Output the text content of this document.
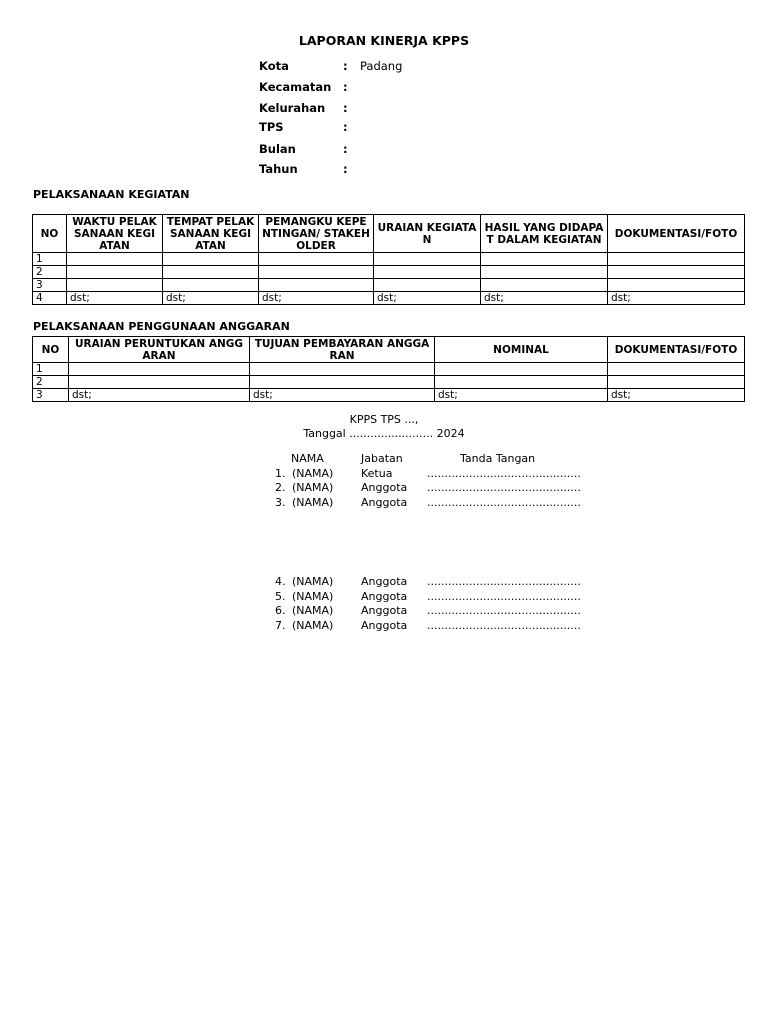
LAPORAN KINERJA KPPS
Kota	: Padang
Kecamatan :
Kelurahan :
TPS	:
Bulan	:
Tahun	:
PELAKSANAAN KEGIATAN
NO	WAKTU PELAKSANAAN KEGIATAN	TEMPAT PELAKSANAAN KEGIATAN	PEMANGKU KEPENTINGAN/ STAKEHOLDER	URAIAN KEGIATAN	HASIL YANG DIDAPAT DALAM KEGIATAN	DOKUMENTASI/FOTO
1						
2						
3						
4	dst;	dst;	dst;	dst;	dst;	dst;
PELAKSANAAN PENGGUNAAN ANGGARAN
NO	URAIAN PERUNTUKAN ANGGARAN	TUJUAN PEMBAYARAN ANGGARAN	NOMINAL	DOKUMENTASI/FOTO
1				
2				
3	dst;	dst;	dst;	dst;
KPPS TPS ...,
Tanggal ........................ 2024
NAMA	Jabatan	Tanda Tangan
1. (NAMA)	Ketua	............................................
2. (NAMA)	Anggota ............................................
3. (NAMA)	Anggota ............................................
4. (NAMA)	Anggota ............................................
5. (NAMA)	Anggota ............................................
6. (NAMA)	Anggota ............................................
7. (NAMA)	Anggota ............................................
